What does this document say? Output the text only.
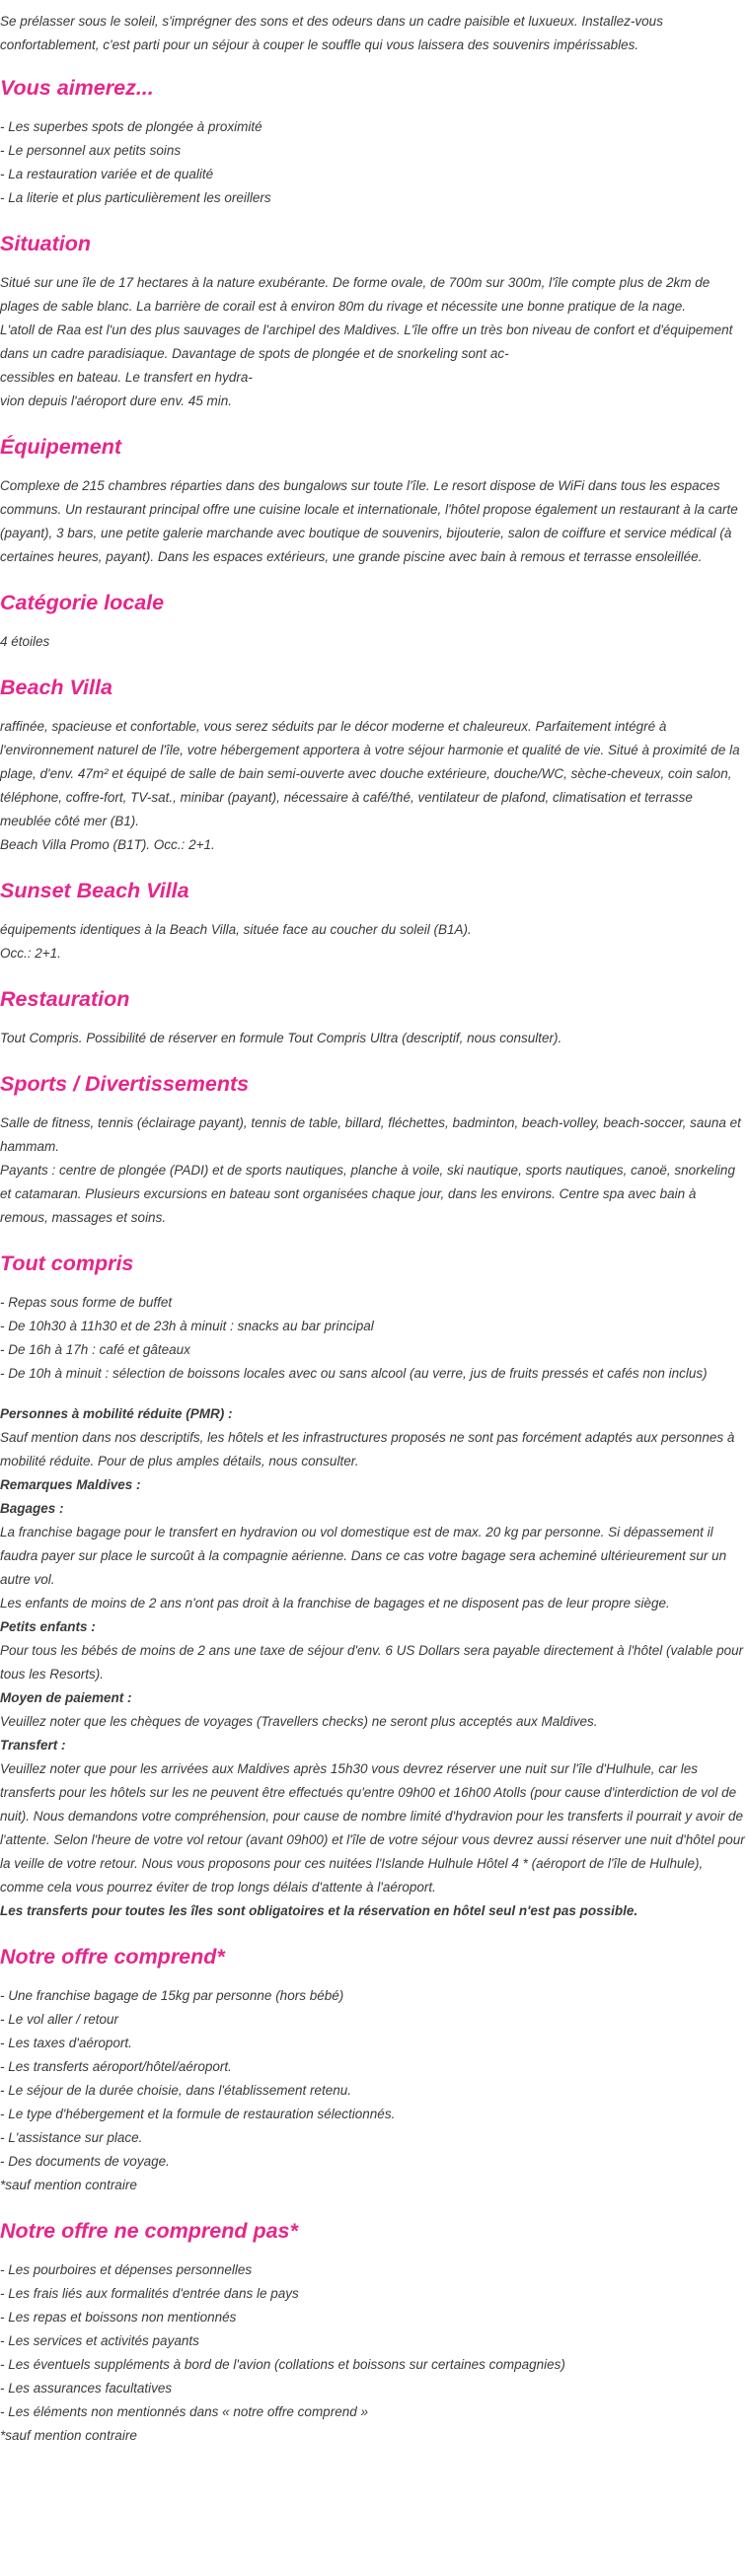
Se prélasser sous le soleil, s'imprégner des sons et des odeurs dans un cadre paisible et luxueux. Installez-vous confortablement, c'est parti pour un séjour à couper le souffle qui vous laissera des souvenirs impérissables.

Vous aimerez...

- Les superbes spots de plongée à proximité

- Le personnel aux petits soins

- La restauration variée et de qualité

- La literie et plus particulièrement les oreillers

Situation

Situé sur une île de 17 hectares à la nature exubérante. De forme ovale, de 700m sur 300m, l'île compte plus de 2km de plages de sable blanc. La barrière de corail est à environ 80m du rivage et nécessite une bonne pratique de la nage.

L'atoll de Raa est l'un des plus sauvages de l'archipel des Maldives. L'île offre un très bon niveau de confort et d'équipement dans un cadre paradisiaque. Davantage de spots de plongée et de snorkeling sont ac-

cessibles en bateau. Le transfert en hydra-

vion depuis l'aéroport dure env. 45 min.

Équipement

Complexe de 215 chambres réparties dans des bungalows sur toute l'île. Le resort dispose de WiFi dans tous les espaces communs. Un restaurant principal offre une cuisine locale et internationale, l'hôtel propose également un restaurant à la carte (payant), 3 bars, une petite galerie marchande avec boutique de souvenirs, bijouterie, salon de coiffure et service médical (à certaines heures, payant). Dans les espaces extérieurs, une grande piscine avec bain à remous et terrasse ensoleillée.

Catégorie locale

4 étoiles

Beach Villa

raffinée, spacieuse et confortable, vous serez séduits par le décor moderne et chaleureux. Parfaitement intégré à l'environnement naturel de l'île, votre hébergement apportera à votre séjour harmonie et qualité de vie. Situé à proximité de la plage, d'env. 47m² et équipé de salle de bain semi-ouverte avec douche extérieure, douche/WC, sèche-cheveux, coin salon, téléphone, coffre-fort, TV-sat., minibar (payant), nécessaire à café/thé, ventilateur de plafond, climatisation et terrasse meublée côté mer (B1).

Beach Villa Promo (B1T). Occ.: 2+1.

Sunset Beach Villa

équipements identiques à la Beach Villa, située face au coucher du soleil (B1A).

Occ.: 2+1.

Restauration

Tout Compris. Possibilité de réserver en formule Tout Compris Ultra (descriptif, nous consulter).

Sports / Divertissements

Salle de fitness, tennis (éclairage payant), tennis de table, billard, fléchettes, badminton, beach-volley, beach-soccer, sauna et hammam.

Payants : centre de plongée (PADI) et de sports nautiques, planche à voile, ski nautique, sports nautiques, canoë, snorkeling et catamaran. Plusieurs excursions en bateau sont organisées chaque jour, dans les environs. Centre spa avec bain à remous, massages et soins.

Tout compris

- Repas sous forme de buffet

- De 10h30 à 11h30 et de 23h à minuit : snacks au bar principal

- De 16h à 17h : café et gâteaux

- De 10h à minuit : sélection de boissons locales avec ou sans alcool (au verre, jus de fruits pressés et cafés non inclus)

Personnes à mobilité réduite (PMR) :

Sauf mention dans nos descriptifs, les hôtels et les infrastructures proposés ne sont pas forcément adaptés aux personnes à mobilité réduite. Pour de plus amples détails, nous consulter.

Remarques Maldives :

Bagages :

La franchise bagage pour le transfert en hydravion ou vol domestique est de max. 20 kg par personne. Si dépassement il faudra payer sur place le surcoût à la compagnie aérienne. Dans ce cas votre bagage sera acheminé ultérieurement sur un autre vol.

Les enfants de moins de 2 ans n'ont pas droit à la franchise de bagages et ne disposent pas de leur propre siège.

Petits enfants :

Pour tous les bébés de moins de 2 ans une taxe de séjour d'env. 6 US Dollars sera payable directement à l'hôtel (valable pour tous les Resorts).

Moyen de paiement :

Veuillez noter que les chèques de voyages (Travellers checks) ne seront plus acceptés aux Maldives.

Transfert :

Veuillez noter que pour les arrivées aux Maldives après 15h30 vous devrez réserver une nuit sur l'île d'Hulhule, car les transferts pour les hôtels sur les ne peuvent être effectués qu'entre 09h00 et 16h00 Atolls (pour cause d'interdiction de vol de nuit). Nous demandons votre compréhension, pour cause de nombre limité d'hydravion pour les transferts il pourrait y avoir de l'attente. Selon l'heure de votre vol retour (avant 09h00) et l'île de votre séjour vous devrez aussi réserver une nuit d'hôtel pour la veille de votre retour. Nous vous proposons pour ces nuitées l'Islande Hulhule Hôtel 4 * (aéroport de l'île de Hulhule), comme cela vous pourrez éviter de trop longs délais d'attente à l'aéroport.

Les transferts pour toutes les îles sont obligatoires et la réservation en hôtel seul n'est pas possible.

Notre offre comprend*

- Une franchise bagage de 15kg par personne (hors bébé)

- Le vol aller / retour

- Les taxes d'aéroport.

- Les transferts aéroport/hôtel/aéroport.

- Le séjour de la durée choisie, dans l'établissement retenu.

- Le type d'hébergement et la formule de restauration sélectionnés.

- L'assistance sur place.

- Des documents de voyage.

*sauf mention contraire

Notre offre ne comprend pas*

- Les pourboires et dépenses personnelles

- Les frais liés aux formalités d'entrée dans le pays

- Les repas et boissons non mentionnés

- Les services et activités payants

- Les éventuels suppléments à bord de l'avion (collations et boissons sur certaines compagnies)

- Les assurances facultatives

- Les éléments non mentionnés dans « notre offre comprend »

*sauf mention contraire
